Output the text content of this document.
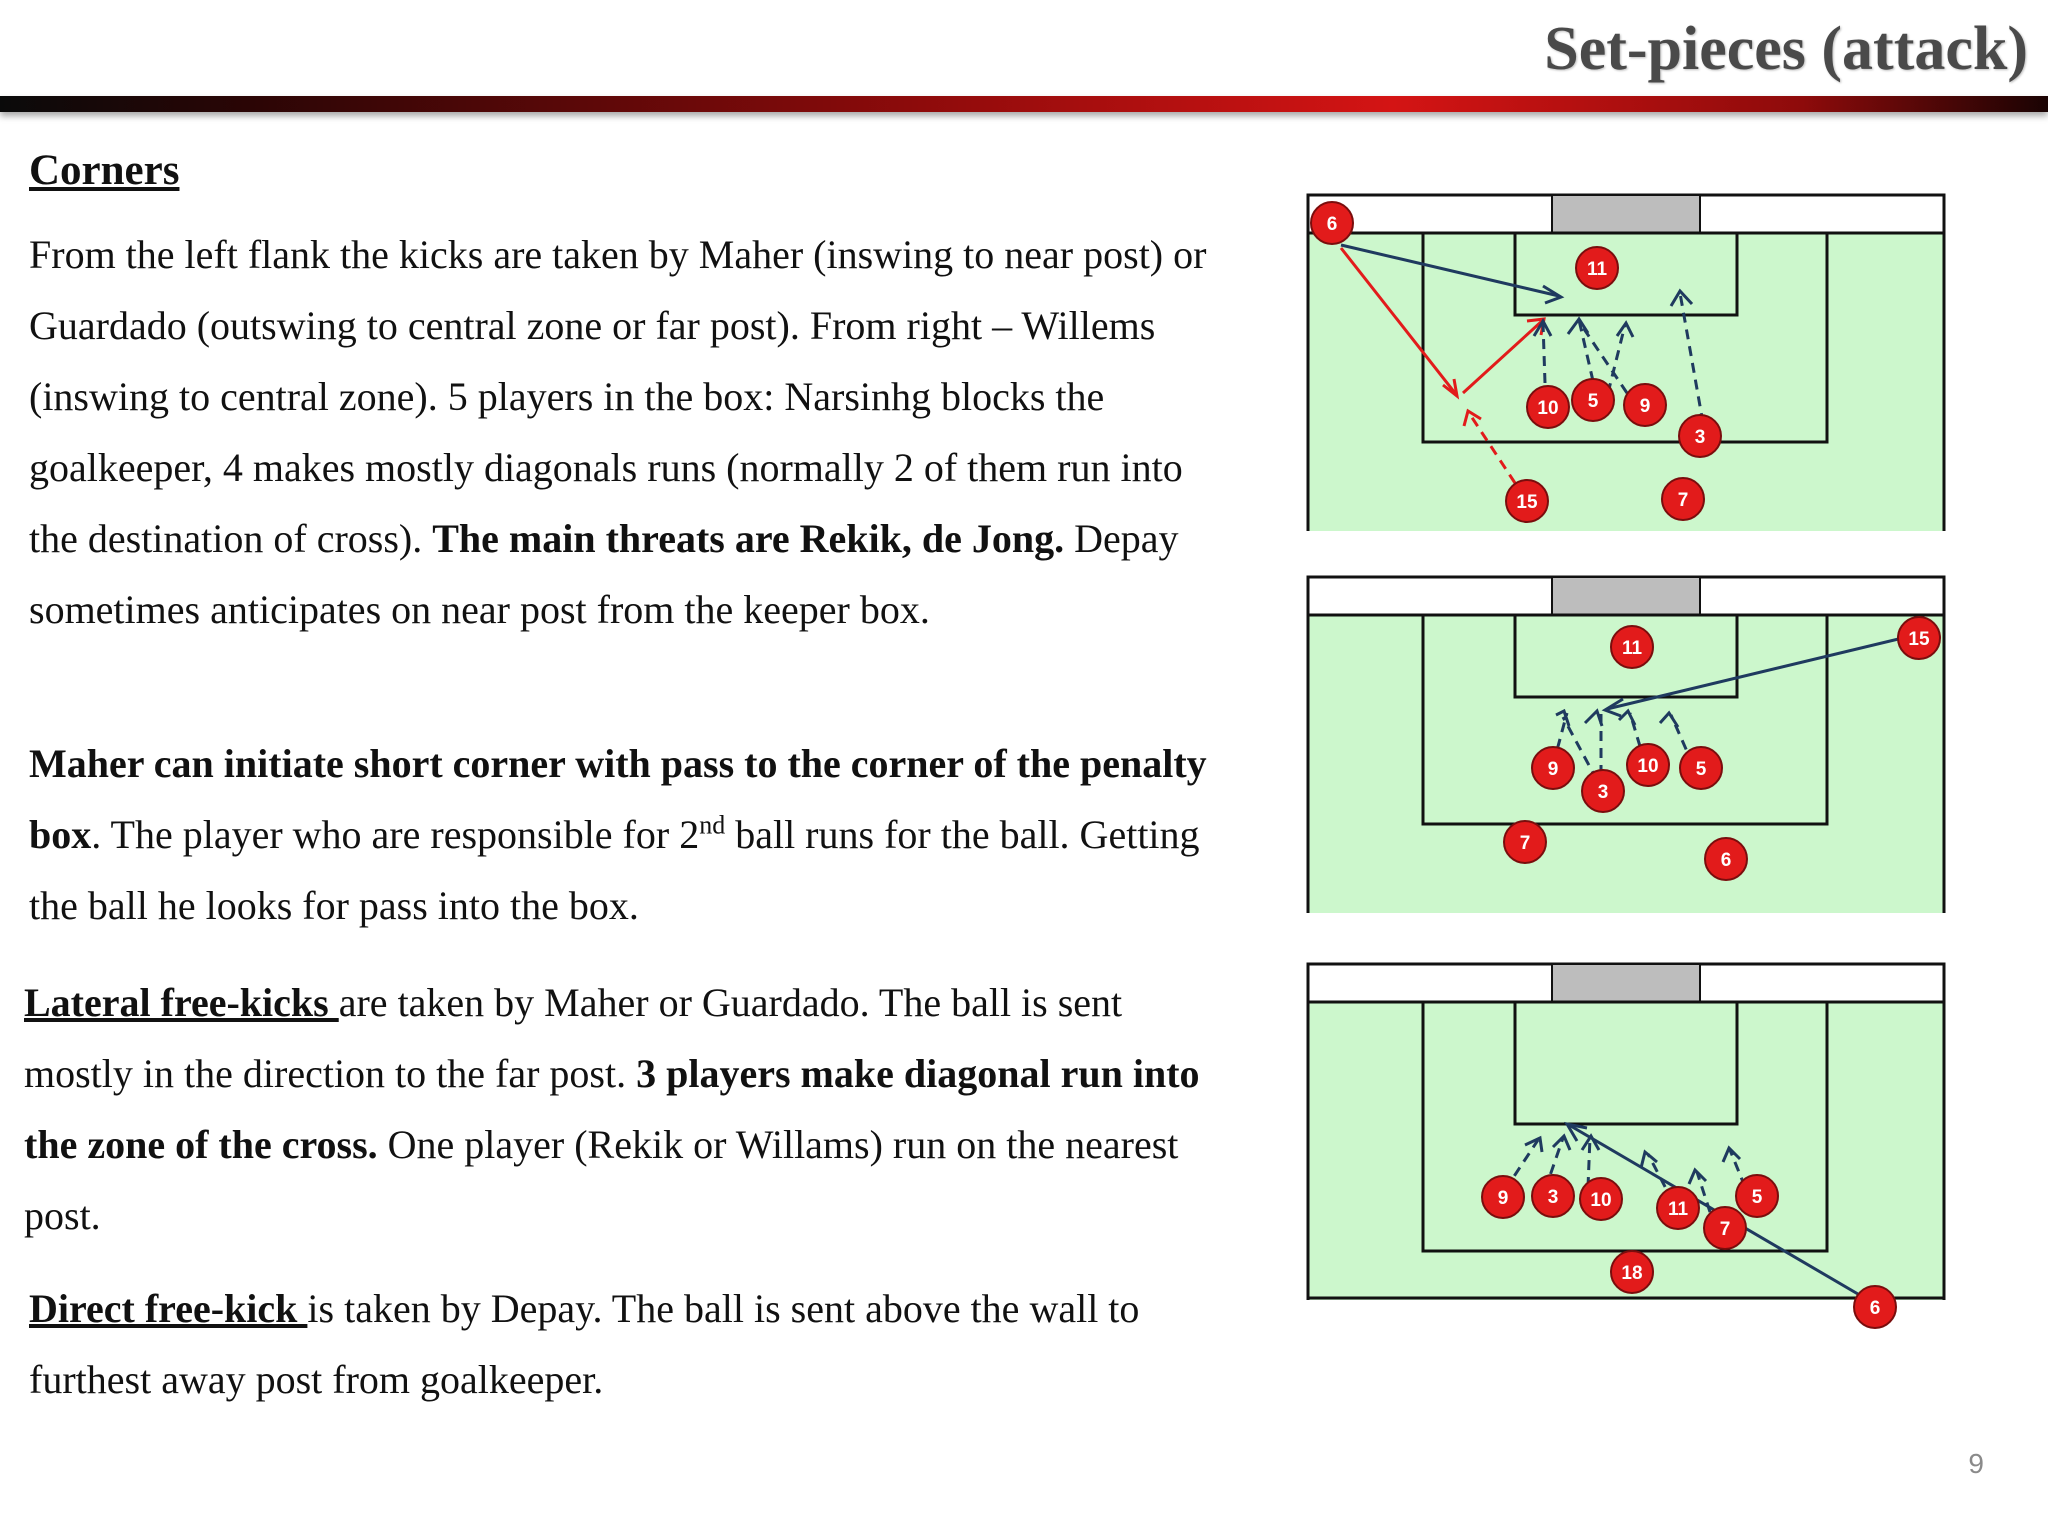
Set-pieces (attack)
Corners

From the left flank the kicks are taken by Maher (inswing to near post) or Guardado (outswing to central zone or far post). From right – Willems (inswing to central zone). 5 players in the box: Narsinhg blocks the goalkeeper, 4 makes mostly diagonals runs (normally 2 of them run into the destination of cross). The main threats are Rekik, de Jong. Depay sometimes anticipates on near post from the keeper box.

Maher can initiate short corner with pass to the corner of the penalty box. The player who are responsible for 2nd ball runs for the ball. Getting the ball he looks for pass into the box.

Lateral free-kicks are taken by Maher or Guardado. The ball is sent mostly in the direction to the far post. 3 players make diagonal run into the zone of the cross. One player (Rekik or Willams) run on the nearest post.

Direct free-kick is taken by Depay. The ball is sent above the wall to furthest away post from goalkeeper.

6
11
10 5 9
3
15	7
11	15
9
3
10 5
7
6
9 3 10	11
7
5
18
6
9
